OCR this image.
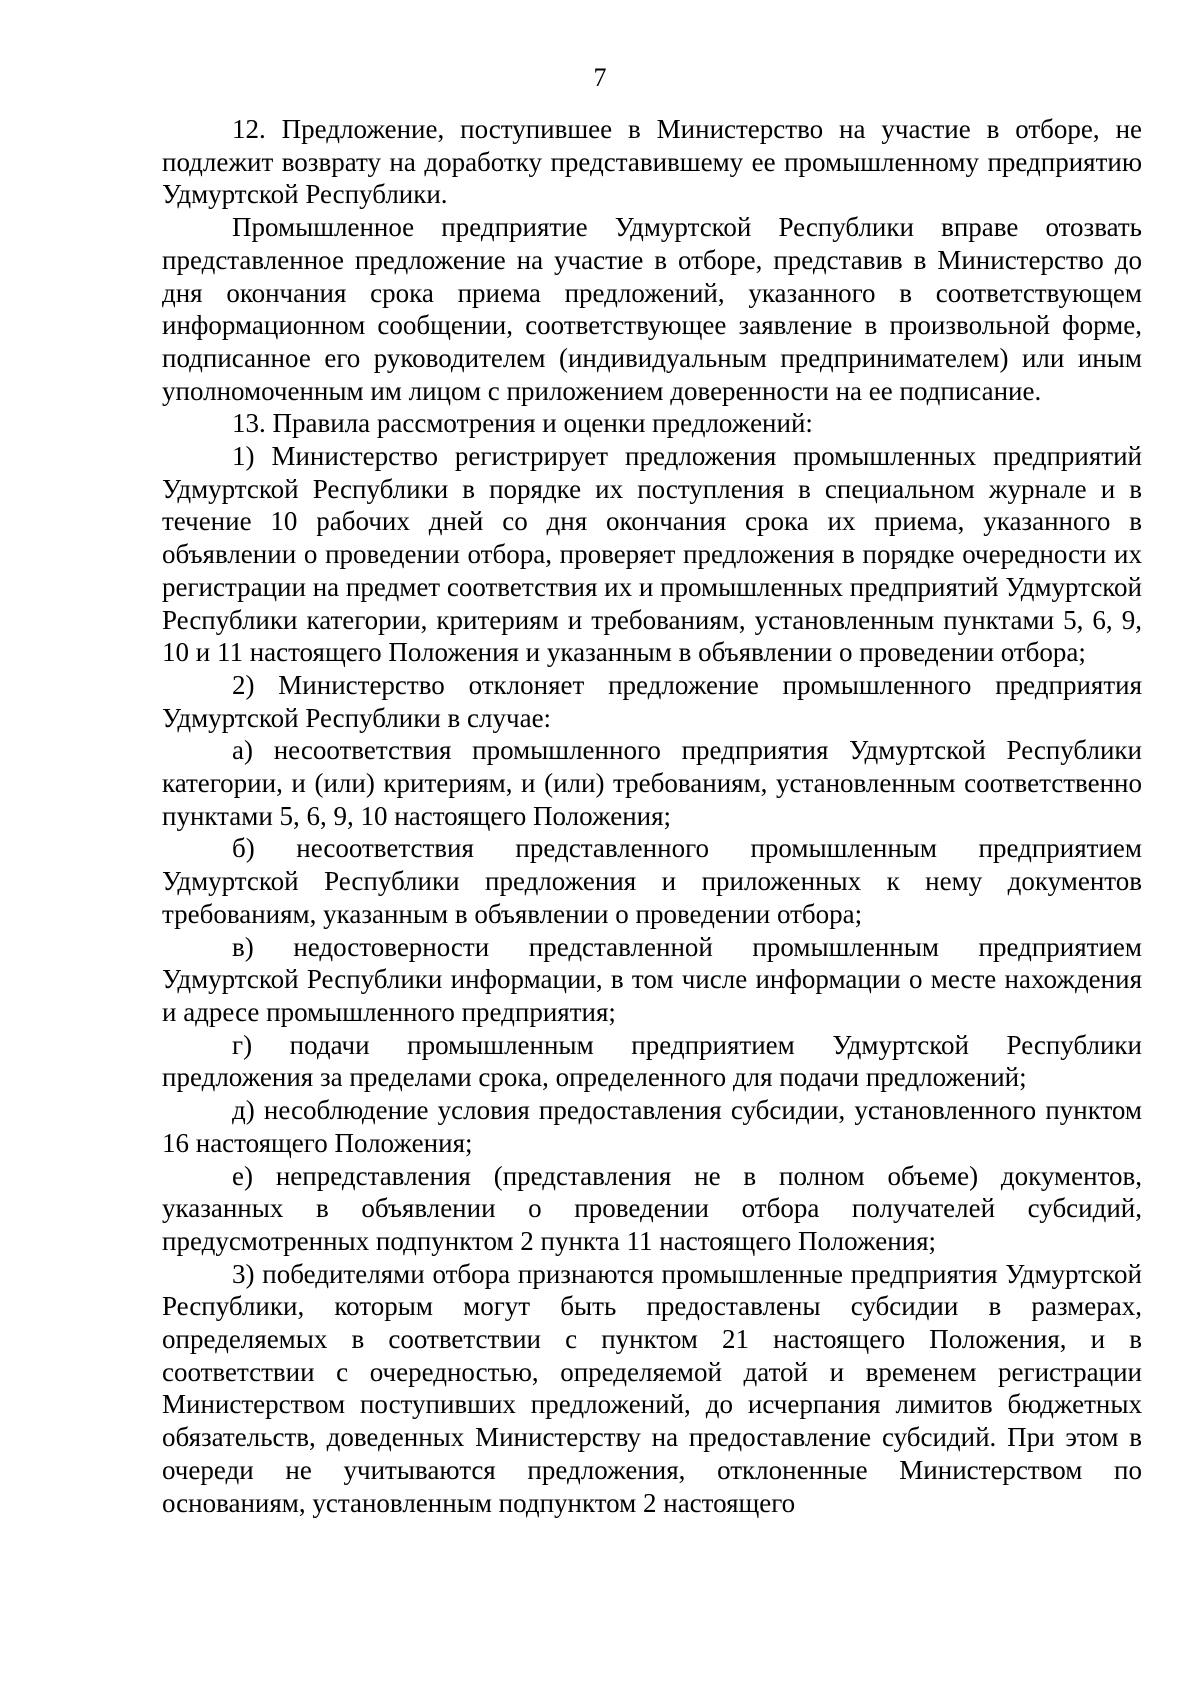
7

12. Предложение, поступившее в Министерство на участие в отборе, не подлежит возврату на доработку представившему ее промышленному предприятию Удмуртской Республики.

Промышленное предприятие Удмуртской Республики вправе отозвать представленное предложение на участие в отборе, представив в Министерство до дня окончания срока приема предложений, указанного в соответствующем информационном сообщении, соответствующее заявление в произвольной форме, подписанное его руководителем (индивидуальным предпринимателем) или иным уполномоченным им лицом с приложением доверенности на ее подписание.

13. Правила рассмотрения и оценки предложений:

1) Министерство регистрирует предложения промышленных предприятий Удмуртской Республики в порядке их поступления в специальном журнале и в течение 10 рабочих дней со дня окончания срока их приема, указанного в объявлении о проведении отбора, проверяет предложения в порядке очередности их регистрации на предмет соответствия их и промышленных предприятий Удмуртской Республики категории, критериям и требованиям, установленным пунктами 5, 6, 9, 10 и 11 настоящего Положения и указанным в объявлении о проведении отбора;

2) Министерство отклоняет предложение промышленного предприятия Удмуртской Республики в случае:

а) несоответствия промышленного предприятия Удмуртской Республики категории, и (или) критериям, и (или) требованиям, установленным соответственно пунктами 5, 6, 9, 10 настоящего Положения;

б) несоответствия представленного промышленным предприятием Удмуртской Республики предложения и приложенных к нему документов требованиям, указанным в объявлении о проведении отбора;

в) недостоверности представленной промышленным предприятием Удмуртской Республики информации, в том числе информации о месте нахождения и адресе промышленного предприятия;

г) подачи промышленным предприятием Удмуртской Республики предложения за пределами срока, определенного для подачи предложений;

д) несоблюдение условия предоставления субсидии, установленного пунктом 16 настоящего Положения;

е) непредставления (представления не в полном объеме) документов, указанных в объявлении о проведении отбора получателей субсидий, предусмотренных подпунктом 2 пункта 11 настоящего Положения;

3) победителями отбора признаются промышленные предприятия Удмуртской Республики, которым могут быть предоставлены субсидии в размерах, определяемых в соответствии с пунктом 21 настоящего Положения, и в соответствии с очередностью, определяемой датой и временем регистрации Министерством поступивших предложений, до исчерпания лимитов бюджетных обязательств, доведенных Министерству на предоставление субсидий. При этом в очереди не учитываются предложения, отклоненные Министерством по основаниям, установленным подпунктом 2 настоящего
